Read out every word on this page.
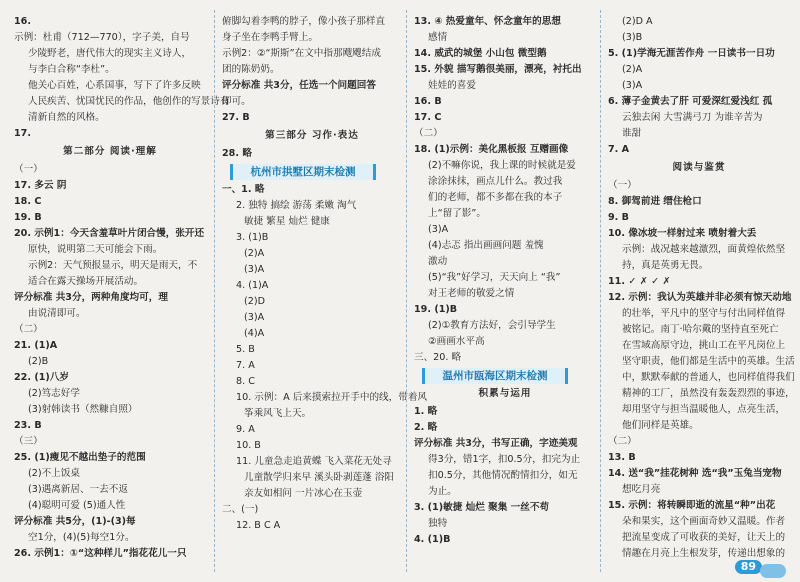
16.
示例：杜甫（712—770），字子美，自号
少陵野老，唐代伟大的现实主义诗人，
与李白合称“李杜”。
他关心百姓，心系国事，写下了许多反映
人民疾苦、忧国忧民的作品，他创作的写景诗有
清新自然的风格。
17.
第二部分 阅读·理解
（一）
17. 多云 阴
18. C
19. B
20. 示例1：今天含羞草叶片闭合慢，张开还
原快，说明第二天可能会下雨。
示例2：天气预报显示，明天是雨天，不
适合在露天操场开展活动。
评分标准 共3分，两种角度均可，理
由说清即可。
（二）
21. (1)A
(2)B
22. (1)八岁
(2)笃志好学
(3)射韩读书（然糠自照）
23. B
（三）
25. (1)瘦见不越出垫子的范围
(2)不上饭桌
(3)遇离新居、一去不返
(4)聪明可爱 (5)通人性
评分标准 共5分，(1)-(3)每
空1分，(4)(5)每空1分。
26. 示例1：①“这种样儿”指花花儿一只
俯脚勾着李鸭的脖子，像小孩子那样直
身子坐在李鸭手臂上。
示例2：②“斯斯”在文中指那飕飕结成
团的陈奶奶。
评分标准 共3分，任选一个问题回答
即可。
27. B
第三部分 习作·表达
28. 略
杭州市拱墅区期末检测
一、1. 略
2. 独特 搞绘 游荡 柔嫩 淘气
敏捷 繁星 灿烂 健康
3. (1)B
(2)A
(3)A
4. (1)A
(2)D
(3)A
(4)A
5. B
7. A
8. C
10. 示例：A 后来摸索拉开手中的线，带着风
筝乘风飞上天。
9. A
10. B
11. 儿童急走追黄蝶 飞入菜花无处寻
儿童散学归来早 溪头卧剥莲蓬 浴阳
亲友如相问 一片冰心在玉壶
二、(一)
12. B C A
13. ④ 热爱童年、怀念童年的思想
感情
14. 威武的城堡 小山包 微型鹅
15. 外貌 描写鹅很美丽，漂亮，衬托出
娃娃的喜爱
16. B
17. C
（二）
18. (1)示例：美化黑板报 互赠画像
(2)不嘛你说，我上课的时候就是爱
涂涂抹抹，画点儿什么。教过我
们的老师，都不多都在我的本子
上“留了影”。
(3)A
(4)忐忑 指出画画问题 羞愧
激动
(5)“我”好学习，天天向上 “我”
对王老师的敬爱之情
19. (1)B
(2)①教育方法好，会引导学生
②画画水平高
三、20. 略
温州市瓯海区期末检测
积累与运用
1. 略
2. 略
评分标准 共3分，书写正确，字迹美观
得3分，错1字，扣0.5分，扣完为止
扣0.5分，其他情况酌情扣分，如无
为止。
3. (1)敏捷 灿烂 聚集 一丝不苟
独特
4. (1)B
(2)D A
(3)B
5. (1)学海无涯苦作舟 一日读书一日功
(2)A
(3)A
6. 薄子金黄去了肝 可爱深红爱浅红 孤
云独去闲 大雪满弓刀 为谁辛苦为
谁甜
7. A
阅读与鉴赏
（一）
8. 御驾前进 缙住枪口
9. B
10. 像冰坡一样射过来 喷射着大丢
示例：战况越来越激烈，面黄煌依然坚
持，真是英勇无畏。
11. ✓ ✗ ✓ ✗
12. 示例：我认为英雄并非必须有惊天动地
的壮举，平凡中的坚守与付出同样值得
被铭记。南丁·哈尔戴的坚持直至死亡
在雪域高原守边，挑山工在平凡岗位上
坚守职责，他们都是生活中的英雄。生活
中，默默奉献的普通人，也同样值得我们
精神的工厂，虽然没有轰轰烈烈的事迹，
却用坚守与担当温暖他人，点亮生活，
他们同样是英雄。
（二）
13. B
14. 送“我”挂花树种 选“我”玉兔当宠物
想吃月亮
15. 示例：将转瞬即逝的流星“种”出花
朵和果实，这个画面奇妙又温暖。作者
把流星变成了可收获的美好，让天上的
情趣在月亮上生根发芽，传递出想象的
89
